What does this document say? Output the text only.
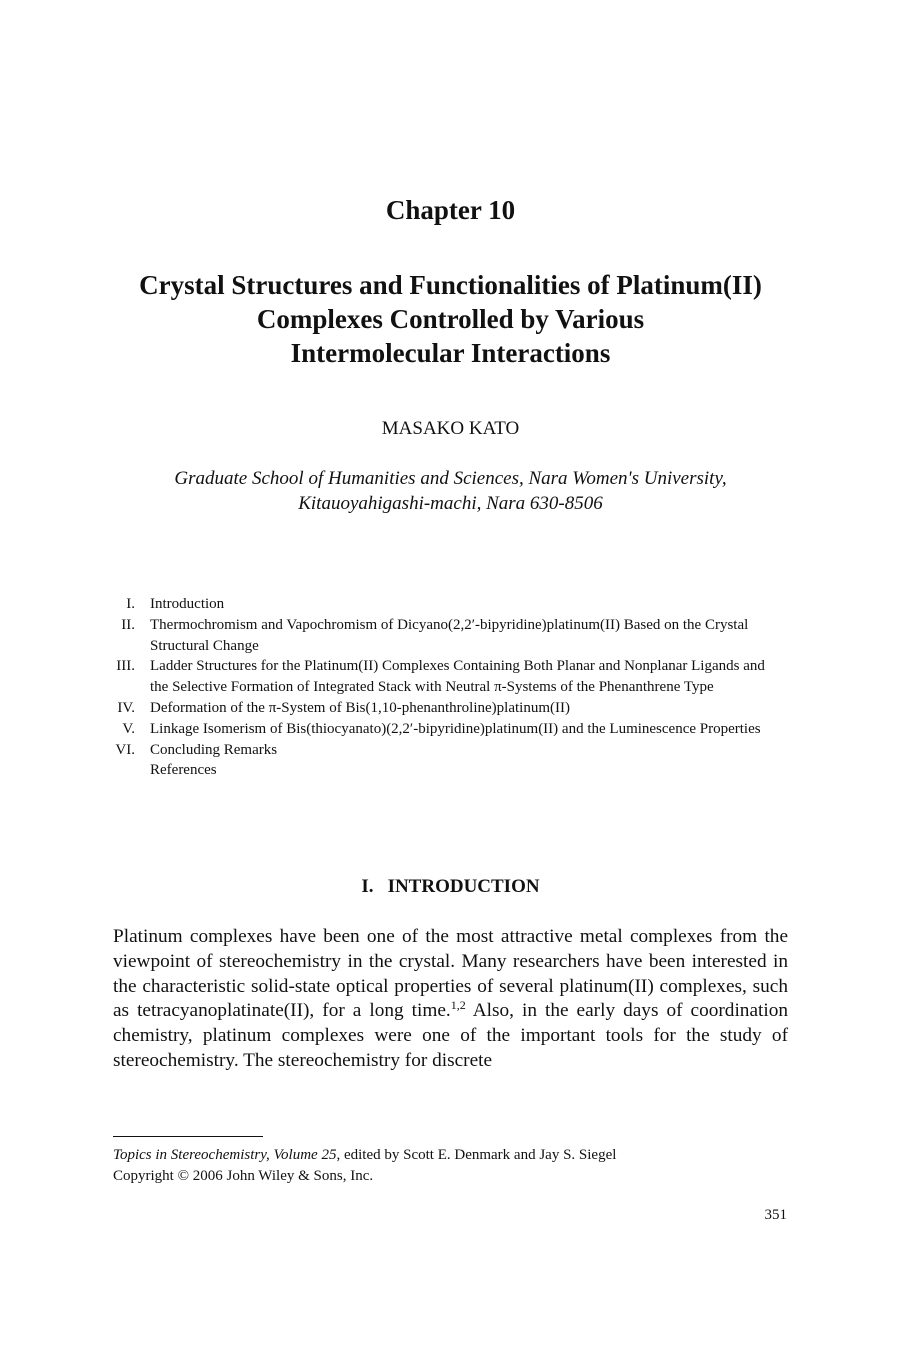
Chapter 10
Crystal Structures and Functionalities of Platinum(II)
Complexes Controlled by Various
Intermolecular Interactions
MASAKO KATO
Graduate School of Humanities and Sciences, Nara Women's University,
Kitauoyahigashi-machi, Nara 630-8506
I. Introduction
II. Thermochromism and Vapochromism of Dicyano(2,2′-bipyridine)platinum(II) Based on the Crystal Structural Change
III. Ladder Structures for the Platinum(II) Complexes Containing Both Planar and Nonplanar Ligands and the Selective Formation of Integrated Stack with Neutral π-Systems of the Phenanthrene Type
IV. Deformation of the π-System of Bis(1,10-phenanthroline)platinum(II)
V. Linkage Isomerism of Bis(thiocyanato)(2,2′-bipyridine)platinum(II) and the Luminescence Properties
VI. Concluding Remarks
References
I. INTRODUCTION

Platinum complexes have been one of the most attractive metal complexes from the viewpoint of stereochemistry in the crystal. Many researchers have been interested in the characteristic solid-state optical properties of several platinum(II) complexes, such as tetracyanoplatinate(II), for a long time.$^{1,2}$ Also, in the early days of coordination chemistry, platinum complexes were one of the important tools for the study of stereochemistry. The stereochemistry for discrete

Topics in Stereochemistry, Volume 25, edited by Scott E. Denmark and Jay S. Siegel
Copyright © 2006 John Wiley & Sons, Inc.
351
